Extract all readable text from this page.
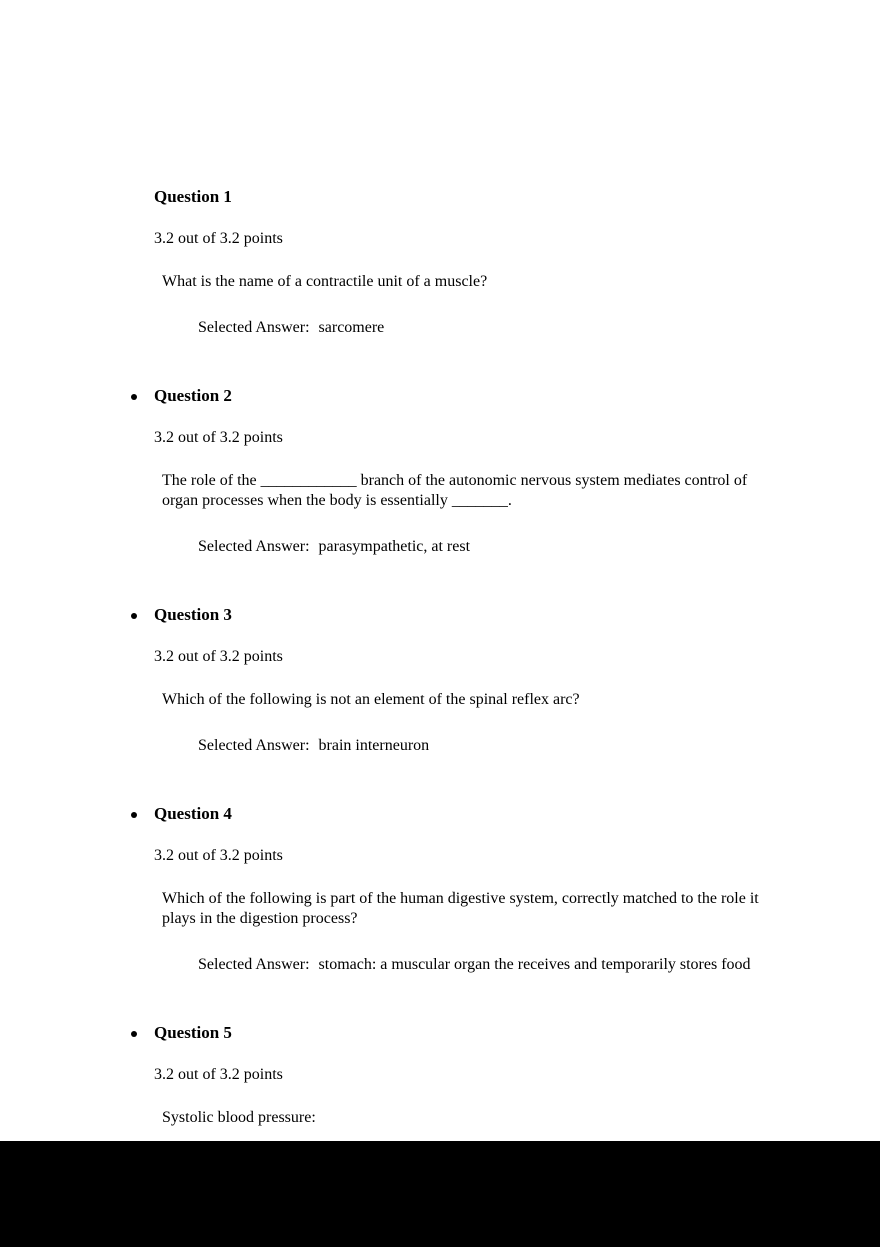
Question 1
3.2 out of 3.2 points
What is the name of a contractile unit of a muscle?

Selected Answer: sarcomere

Question 2
3.2 out of 3.2 points
The role of the ____________ branch of the autonomic nervous system mediates control of
organ processes when the body is essentially _______.

Selected Answer: parasympathetic, at rest

Question 3
3.2 out of 3.2 points
Which of the following is not an element of the spinal reflex arc?

Selected Answer: brain interneuron

Question 4
3.2 out of 3.2 points
Which of the following is part of the human digestive system, correctly matched to the role it
plays in the digestion process?

Selected Answer: stomach: a muscular organ the receives and temporarily stores food

Question 5
3.2 out of 3.2 points
Systolic blood pressure:
